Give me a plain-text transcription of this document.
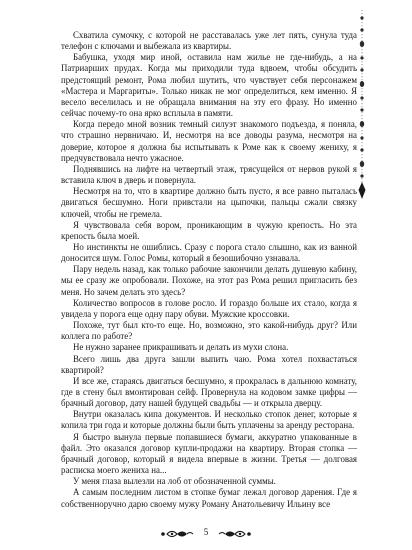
Схватила сумочку, с которой не расставалась уже лет пять, сунула туда телефон с ключами и выбежала из квартиры.

Бабушка, уходя мир иной, оставила нам жилье не где-нибудь, а на Патриарших прудах. Когда мы приходили туда вдвоем, чтобы обсудить предстоящий ремонт, Рома любил шутить, что чувствует себя персонажем «Мастера и Маргариты». Только никак не мог определиться, кем именно. Я весело веселилась и не обращала внимания на эту его фразу. Но именно сейчас почему-то она ярко всплыла в памяти.

Когда передо мной возник темный силуэт знакомого подъезда, я поняла, что страшно нервничаю. И, несмотря на все доводы разума, несмотря на доверие, которое я должна бы испытывать к Роме как к своему жениху, я предчувствовала нечто ужасное.

Поднявшись на лифте на четвертый этаж, трясущейся от нервов рукой я вставила ключ в дверь и повернула.

Несмотря на то, что в квартире должно быть пусто, я все равно пыталась двигаться бесшумно. Ноги привстали на цыпочки, пальцы сжали связку ключей, чтобы не гремела.

Я чувствовала себя вором, проникающим в чужую крепость. Но эта крепость была моей.

Но инстинкты не ошиблись. Сразу с порога стало слышно, как из ванной доносится шум. Голос Ромы, который я безошибочно узнавала.

Пару недель назад, как только рабочие закончили делать душевую кабину, мы ее сразу же опробовали. Похоже, на этот раз Рома решил пригласить без меня. Но зачем делать это здесь?

Количество вопросов в голове росло. И гораздо больше их стало, когда я увидела у порога еще одну пару обуви. Мужские кроссовки.

Похоже, тут был кто-то еще. Но, возможно, это какой-нибудь друг? Или коллега по работе?

Не нужно заранее прикрашивать и делать из мухи слона.

Всего лишь два друга зашли выпить чаю. Рома хотел похвастаться квартирой?

И все же, стараясь двигаться бесшумно, я прокралась в дальнюю комнату, где в стену был вмонтирован сейф. Провернула на кодовом замке цифры — брачный договор, дату нашей будущей свадьбы — и открыла дверцу.

Внутри оказалась кипа документов. И несколько стопок денег, которые я копила три года и которые должны были быть уплачены за аренду ресторана.

Я быстро вынула первые попавшиеся бумаги, аккуратно упакованные в файл. Это оказался договор купли-продажи на квартиру. Вторая стопка — брачный договор, который я видела впервые в жизни. Третья — долговая расписка моего жениха на...

У меня глаза вылезли на лоб от обозначенной суммы.

А самым последним листом в стопке бумаг лежал договор дарения. Где я собственноручно дарю своему мужу Роману Анатольевичу Ильину все

5
